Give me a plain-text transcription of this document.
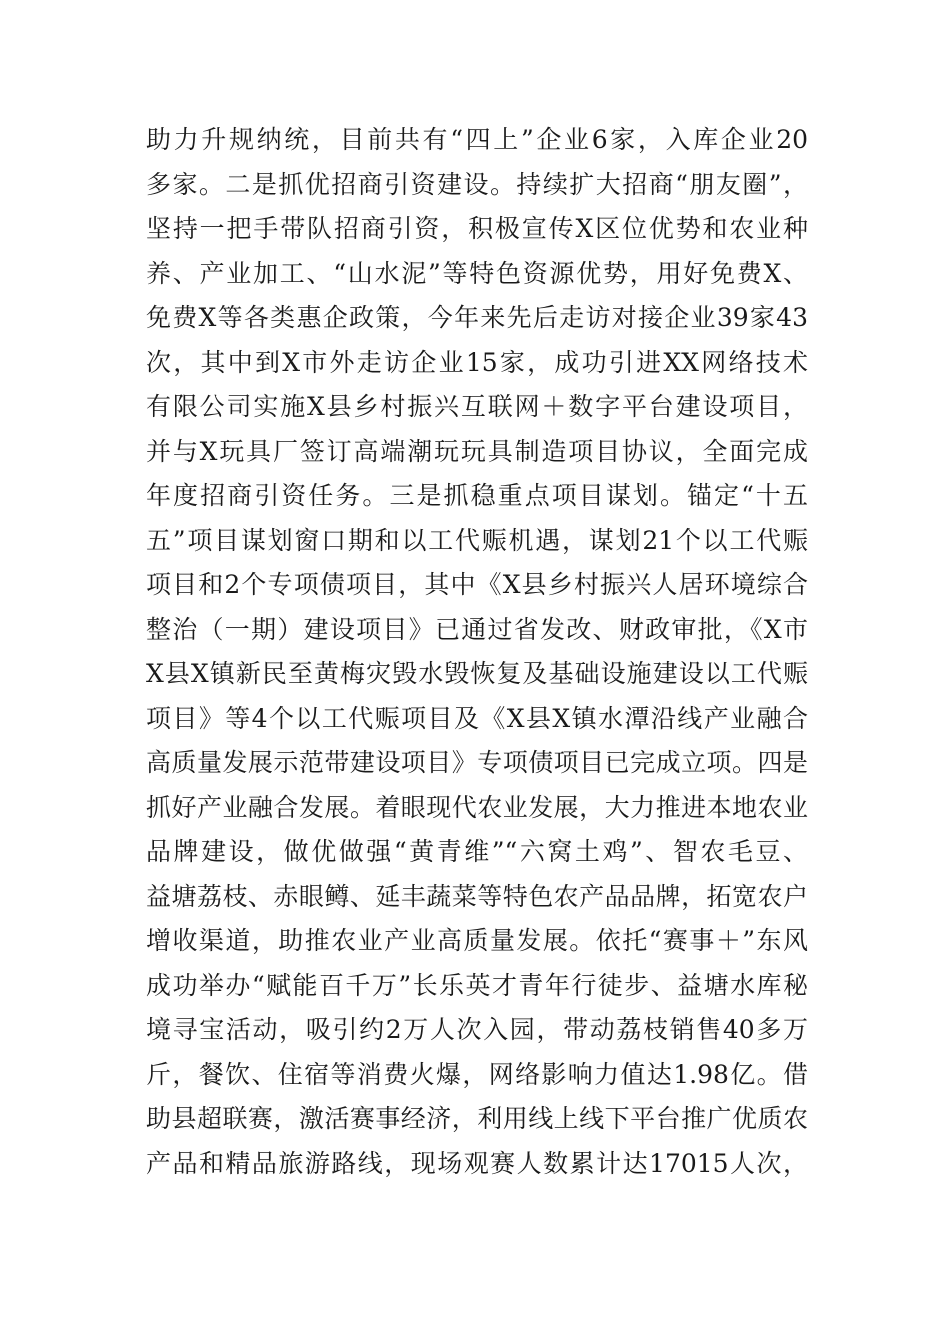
助力升规纳统，目前共有“四上”企业6家，入库企业20
多家。二是抓优招商引资建设。持续扩大招商“朋友圈”，
坚持一把手带队招商引资，积极宣传X区位优势和农业种
养、产业加工、“山水泥”等特色资源优势，用好免费X、
免费X等各类惠企政策，今年来先后走访对接企业39家43
次，其中到X市外走访企业15家，成功引进XX网络技术
有限公司实施X县乡村振兴互联网＋数字平台建设项目，
并与X玩具厂签订高端潮玩玩具制造项目协议，全面完成
年度招商引资任务。三是抓稳重点项目谋划。锚定“十五
五”项目谋划窗口期和以工代赈机遇，谋划21个以工代赈
项目和2个专项债项目，其中《X县乡村振兴人居环境综合
整治（一期）建设项目》已通过省发改、财政审批，《X市
X县X镇新民至黄梅灾毁水毁恢复及基础设施建设以工代赈
项目》等4个以工代赈项目及《X县X镇水潭沿线产业融合
高质量发展示范带建设项目》专项债项目已完成立项。四是
抓好产业融合发展。着眼现代农业发展，大力推进本地农业
品牌建设，做优做强“黄青维”“六窝土鸡”、智农毛豆、
益塘荔枝、赤眼鳟、延丰蔬菜等特色农产品品牌，拓宽农户
增收渠道，助推农业产业高质量发展。依托“赛事＋”东风
成功举办“赋能百千万”长乐英才青年行徒步、益塘水库秘
境寻宝活动，吸引约2万人次入园，带动荔枝销售40多万
斤，餐饮、住宿等消费火爆，网络影响力值达1.98亿。借
助县超联赛，激活赛事经济，利用线上线下平台推广优质农
产品和精品旅游路线，现场观赛人数累计达17015人次，
